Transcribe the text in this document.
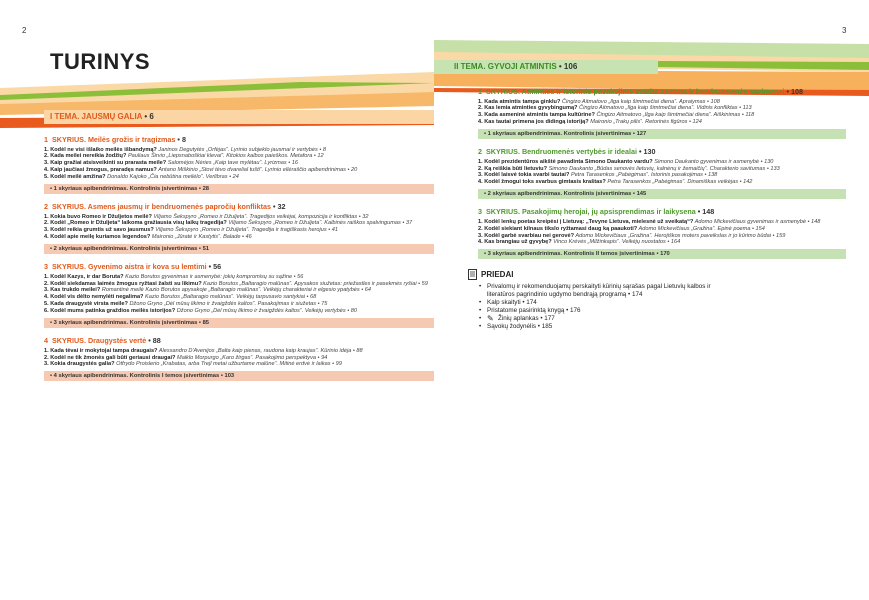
2	3
TURINYS
I TEMA. JAUSMŲ GALIA • 6
1 SKYRIUS. Meilės grožis ir tragizmas • 8
1. Kodėl ne visi išlaiko meilės išbandymą? Janinos Degutytės „Orfėjas“. Lyrinio subjekto jausmai ir vertybės • 8
2. Kada meilei nereikia žodžių? Pauliaus Širvio „Liepsnaboškiai klevai“. Kitokios kalbos paieškos. Metafora • 12
3. Kaip gražiai atsisveikinti su prarasta meile? Salomėjos Nėries „Kaip tave mylėtau“. Lyrizmas • 16
4. Kaip jaučiasi žmogus, praradęs namus? Antano Miškinio „Stovi tėvo dvarelial tušti“. Lyrinio ellėraščio apibendrinimas • 20
5. Kodėl meilė amžina? Donaldo Kajoko „Čia nebūtina meilėlo“. Verlibras • 24
• 1 skyriaus apibendrinimas. Kontrolinis įsivertinimas • 28
2 SKYRIUS. Asmens jausmų ir bendruomenės papročių konfliktas • 32
1. Kokia buvo Romeo ir Džuljetos meilė? Viljamo Šekspyro „Romeo ir Džuljeta“. Tragedijos veikėjai, kompozicija ir konfliktas • 32
2. Kodėl „Romeo ir Džuljeta“ laikoma gražiausia visų laikų tragedija? Viljamo Šekspyro „Romeo ir Džuljeta“. Kalbinės raiškos spalvingumas • 37
3. Kodėl reikia grumtis už savo jausmus? Viljamo Šekspyro „Romeo ir Džuljeta“. Tragedija ir tragiškasis herojus • 41
4. Kodėl apie meilę kuriamos legendos? Maironio „Jūratė ir Kastytis“. Balade • 46
• 2 skyriaus apibendrinimas. Kontrolinis įsivertinimas • 51
3 SKYRIUS. Gyvenimo aistra ir kova su lemtimi • 56
1. Kodėl Kazys, ir dar Boruta? Kazio Borutos gyvenimas ir asmenybė: jokių kompromisų su sąžine • 56
2. Kodėl siekdamas laimės žmogus ryžtasi žalsti su likimu? Kazio Borutos „Baltaragio malūnas“. Apysakos siužetas: priežastles ir pasekmės ryšiai • 59
3. Kas trukdo meilei? Romantinė meilė Kazio Borutos apysakoje „Baltaragio malūnas“. Veikėjų charakteriai ir elgesio ypatybės • 64
4. Kodėl vis dėlto nemylėti negalima? Kazio Borutos „Baltaragio malūnas“. Veikėjų tarpusavio santykiai • 68
5. Kada draugystė virsta meile? Džono Gryno „Dėl mūsų likimo ir žvaigždės kaltos“. Pasakojimas ir siužetas • 75
6. Kodėl mums patinka graždios meilės istorijos? Džono Gryno „Dėl mūsų likimo ir žvaigždės kaltos“. Veikėjų vertybės • 80
• 3 skyriaus apibendrinimas. Kontrolinis įsivertinimas • 85
4 SKYRIUS. Draugystės vertė • 88
1. Kada tėvai ir mokytojai tampa draugais? Alessandro D'Avenijos „Balta kaip pienas, raudona kaip kraujas“. Kūrinio idėja • 88
2. Kodėl ne tik žmonės gali būti geriausi draugai? Maiklo Morpurgo „Karo žirgas“. Pasakojimo perspektyva • 94
3. Kokia draugystės galia? Otfrydo Proislerio „Krabatas, arba Trejl metai užburtame malūne“. Mitinė erdvė ir laikas • 99
• 4 skyriaus apibendrinimas. Kontrolinis I temos įsivertinimas • 103
II TEMA. GYVOJI ATMINTIS • 106
1 SKYRIUS. Atminties ir istorinio pasakojimo svarba asmens ir bendruomenės savimonei • 108
1. Kada atmintis tampa ginklu? Čingizo Aitmatovo „Ilga kaip šimtmečiai diena“. Apraiymas • 108
2. Kas lemia atminties gyvybingumą? Čingizo Aitmatovo „Ilga kaip šimtmečiai diena“. Vidinis konfliktas • 113
3. Kada asmeninė atmintis tampa kultūrine? Čingizo Aitmatovo „Ilga kaip šimtmečiai diena“. Aiškinimas • 118
4. Kas tautai primena jos didingą istoriją? Maironio „Trakų pilis“. Retorinės figūros • 124
• 1 skyriaus apibendrinimas. Kontrolinis įsivertinimas • 127
2 SKYRIUS. Bendruomenės vertybės ir idealai • 130
1. Kodėl prezidentūros aikštė pavadinta Simono Daukanto vardu? Simono Daukanto gyvenimas ir asmenybė • 130
2. Ką reiškia būti lietuviu? Simono Daukanto „Būdas senovės lietuvių, kalnėnų ir žemaičių“. Charakterio savitumas • 133
3. Kodėl laisvė tokia svarbi tautai? Petra Tarasenkos „Pabėgimas“. Istorinis pasakojimas • 138
4. Kodėl žmogui toks svarbus gimtasis kraštas? Petra Tarasenkos „Pabėgimas“. Dinamiškas veikėjas • 142
• 2 skyriaus apibendrinimas. Kontrolinis įsivertinimas • 145
3 SKYRIUS. Pasakojimų herojai, jų apsisprendimas ir laikysena • 148
1. Kodėl lenkų poetas kreipėsi į Lietuvą: „Tevyne Lietuva, mielesnė už sveikatą“? Adomo Mickevičiaus gyvenimas ir asmenybė • 148
2. Kodėl siekiant kilnaus tikslo ryžtamasi daug ką paaukoti? Adomo Mickevičiaus „Gražina“. Epinė poema • 154
3. Kodėl garbė svarbiau nei gerovė? Adomo Mickevičiaus „Gražina“. Herojiškos moters paveikslas ir jo kūrimo būdai • 159
4. Kas brangiau už gyvybę? Vinco Krėvės „Milžinkapis“. Veikėjų nuostatos • 164
• 3 skyriaus apibendrinimas. Kontrolinis II temos įsivertinimas • 170
PRIEDAI
• Privalomų ir rekomenduojamų perskaityti kūrinių sąrašas pagal Lietuvių kalbos ir literatūros pagrindinio ugdymo bendrąją programą • 174
• Kalp skaityti • 174
• Pristatome pasirinktą knygą • 176
• ✎ Žinių aplankas • 177
• Sąvokų žodynėlis • 185
